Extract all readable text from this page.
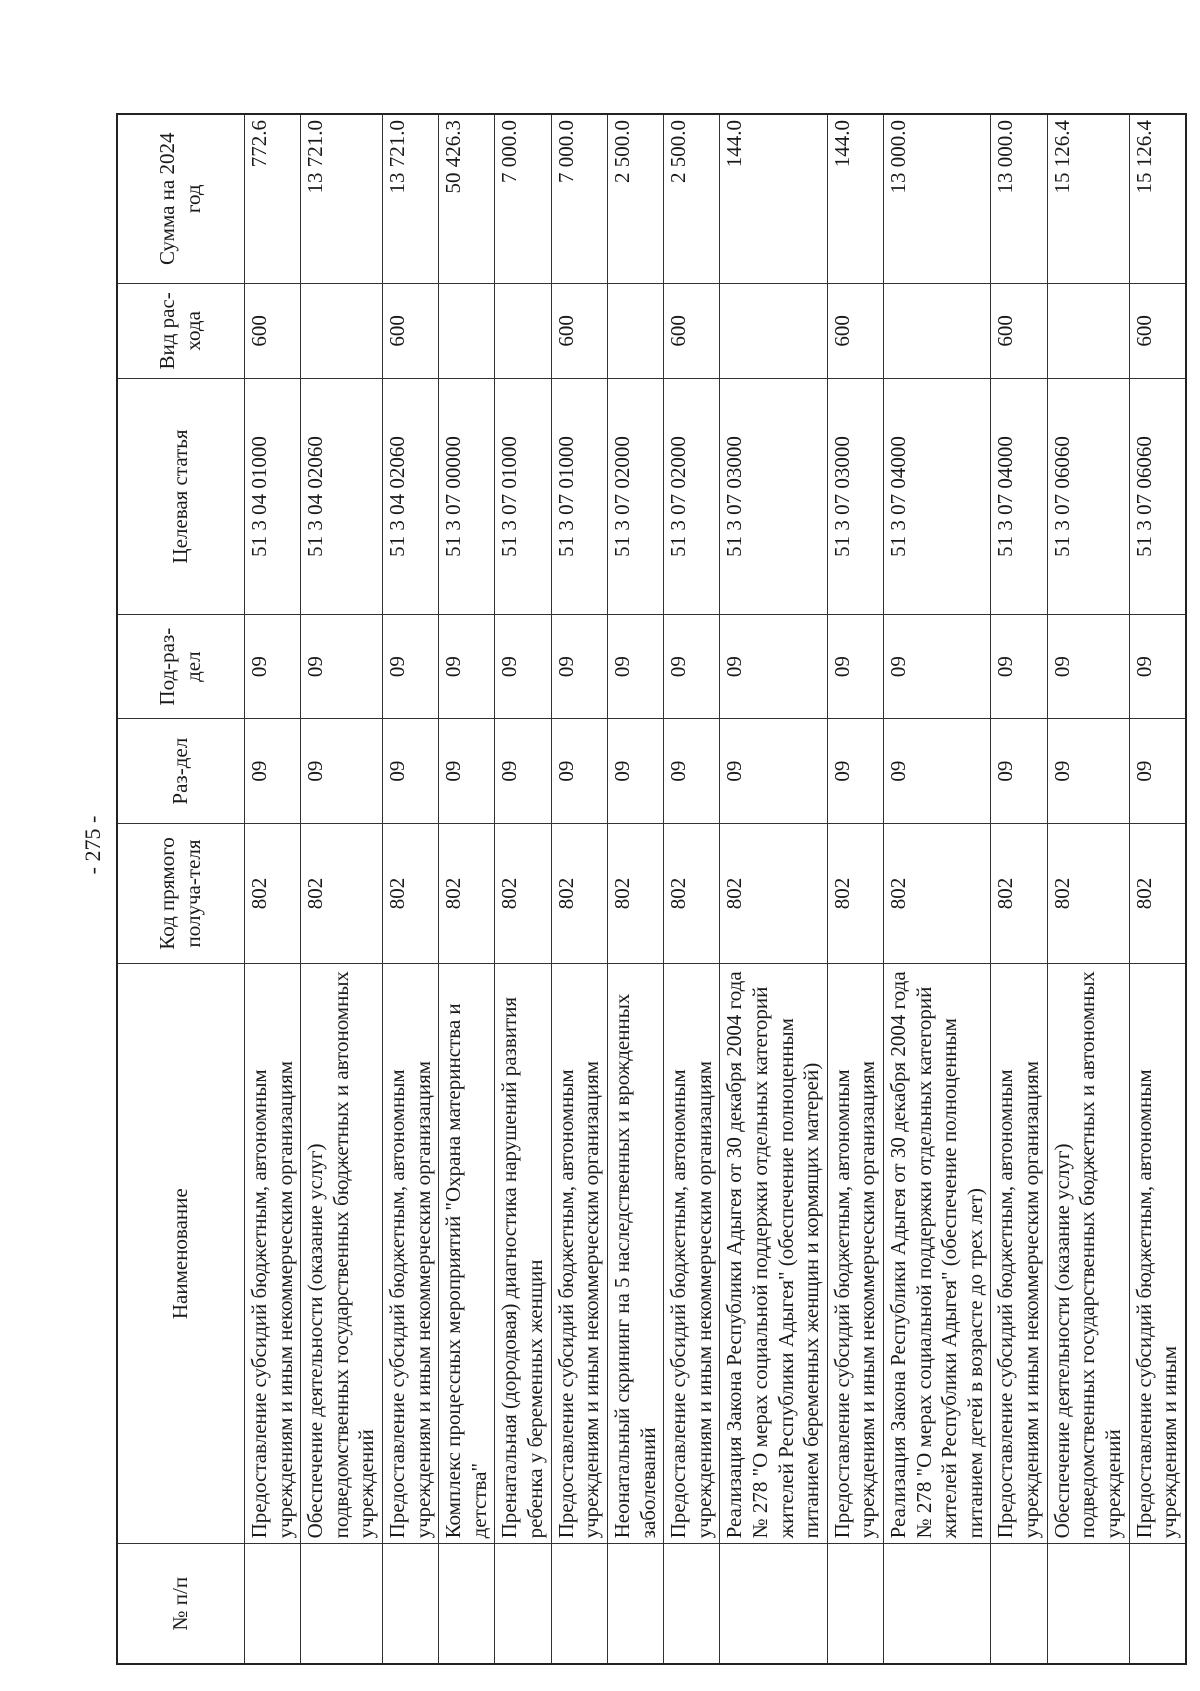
- 275 -
№ п/п	Наименование	Код прямого получа-теля	Раз-дел	Под-раз-дел	Целевая статья	Вид рас-хода	Сумма на 2024 год
	Предоставление субсидий бюджетным, автономным учреждениям и иным некоммерческим организациям	802	09	09	51 3 04 01000	600	772.6
	Обеспечение деятельности (оказание услуг) подведомственных государственных бюджетных и автономных учреждений	802	09	09	51 3 04 02060		13 721.0
	Предоставление субсидий бюджетным, автономным учреждениям и иным некоммерческим организациям	802	09	09	51 3 04 02060	600	13 721.0
	Комплекс процессных мероприятий "Охрана материнства и детства"	802	09	09	51 3 07 00000		50 426.3
	Пренатальная (дородовая) диагностика нарушений развития ребенка у беременных женщин	802	09	09	51 3 07 01000		7 000.0
	Предоставление субсидий бюджетным, автономным учреждениям и иным некоммерческим организациям	802	09	09	51 3 07 01000	600	7 000.0
	Неонатальный скрининг на 5 наследственных и врожденных заболеваний	802	09	09	51 3 07 02000		2 500.0
	Предоставление субсидий бюджетным, автономным учреждениям и иным некоммерческим организациям	802	09	09	51 3 07 02000	600	2 500.0
	Реализация Закона Республики Адыгея от 30 декабря 2004 года № 278 "О мерах социальной поддержки отдельных категорий жителей Республики Адыгея" (обеспечение полноценным питанием беременных женщин и кормящих матерей)	802	09	09	51 3 07 03000		144.0
	Предоставление субсидий бюджетным, автономным учреждениям и иным некоммерческим организациям	802	09	09	51 3 07 03000	600	144.0
	Реализация Закона Республики Адыгея от 30 декабря 2004 года № 278 "О мерах социальной поддержки отдельных категорий жителей Республики Адыгея" (обеспечение полноценным питанием детей в возрасте до трех лет)	802	09	09	51 3 07 04000		13 000.0
	Предоставление субсидий бюджетным, автономным учреждениям и иным некоммерческим организациям	802	09	09	51 3 07 04000	600	13 000.0
	Обеспечение деятельности (оказание услуг) подведомственных государственных бюджетных и автономных учреждений	802	09	09	51 3 07 06060		15 126.4
	Предоставление субсидий бюджетным, автономным учреждениям и иным	802	09	09	51 3 07 06060	600	15 126.4
